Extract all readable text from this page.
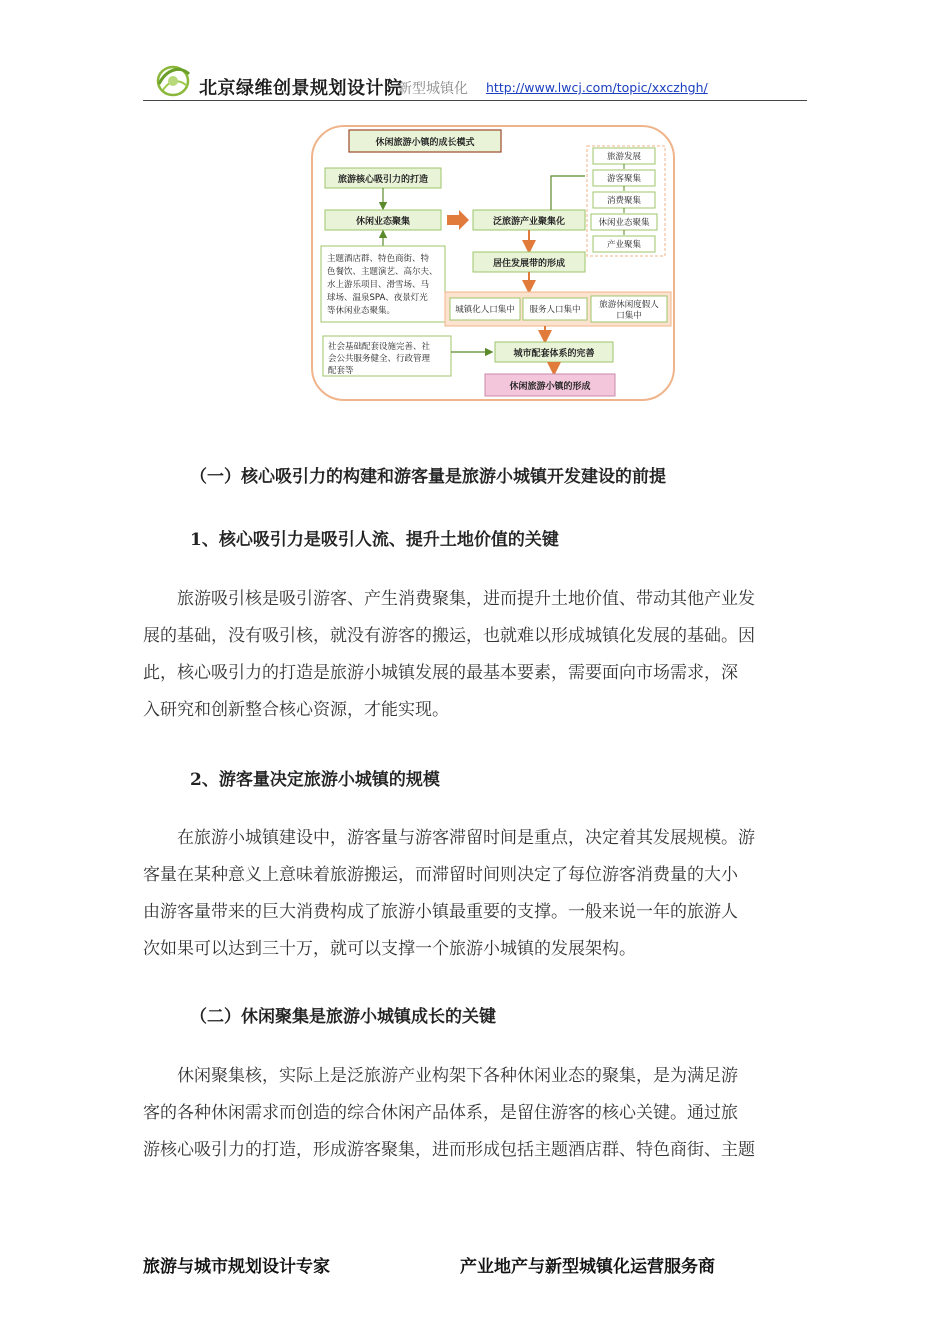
北京绿维创景规划设计院
新型城镇化 http://www.lwcj.com/topic/xxczhgh/
休闲旅游小镇的成长模式
旅游核心吸引力的打造
休闲业态聚集
主题酒店群、特色商街、特
色餐饮、主题演艺、高尔夫、
水上游乐项目、滑雪场、马
球场、温泉SPA、夜景灯光
等休闲业态聚集。
泛旅游产业聚集化
居住发展带的形成
城镇化人口集中 服务人口集中 旅游休闲度假人
口集中
社会基础配套设施完善、社
会公共服务健全、行政管理
配套等
城市配套体系的完善
休闲旅游小镇的形成
旅游发展
游客聚集
消费聚集
休闲业态聚集
产业聚集
（一）核心吸引力的构建和游客量是旅游小城镇开发建设的前提
1、核心吸引力是吸引人流、提升土地价值的关键
旅游吸引核是吸引游客、产生消费聚集，进而提升土地价值、带动其他产业发
展的基础，没有吸引核，就没有游客的搬运，也就难以形成城镇化发展的基础。因
此，核心吸引力的打造是旅游小城镇发展的最基本要素，需要面向市场需求，深
入研究和创新整合核心资源，才能实现。
2、游客量决定旅游小城镇的规模
在旅游小城镇建设中，游客量与游客滞留时间是重点，决定着其发展规模。游
客量在某种意义上意味着旅游搬运，而滞留时间则决定了每位游客消费量的大小
由游客量带来的巨大消费构成了旅游小镇最重要的支撑。一般来说一年的旅游人
次如果可以达到三十万，就可以支撑一个旅游小城镇的发展架构。
（二）休闲聚集是旅游小城镇成长的关键
休闲聚集核，实际上是泛旅游产业构架下各种休闲业态的聚集，是为满足游
客的各种休闲需求而创造的综合休闲产品体系，是留住游客的核心关键。通过旅
游核心吸引力的打造，形成游客聚集，进而形成包括主题酒店群、特色商街、主题
旅游与城市规划设计专家	产业地产与新型城镇化运营服务商
